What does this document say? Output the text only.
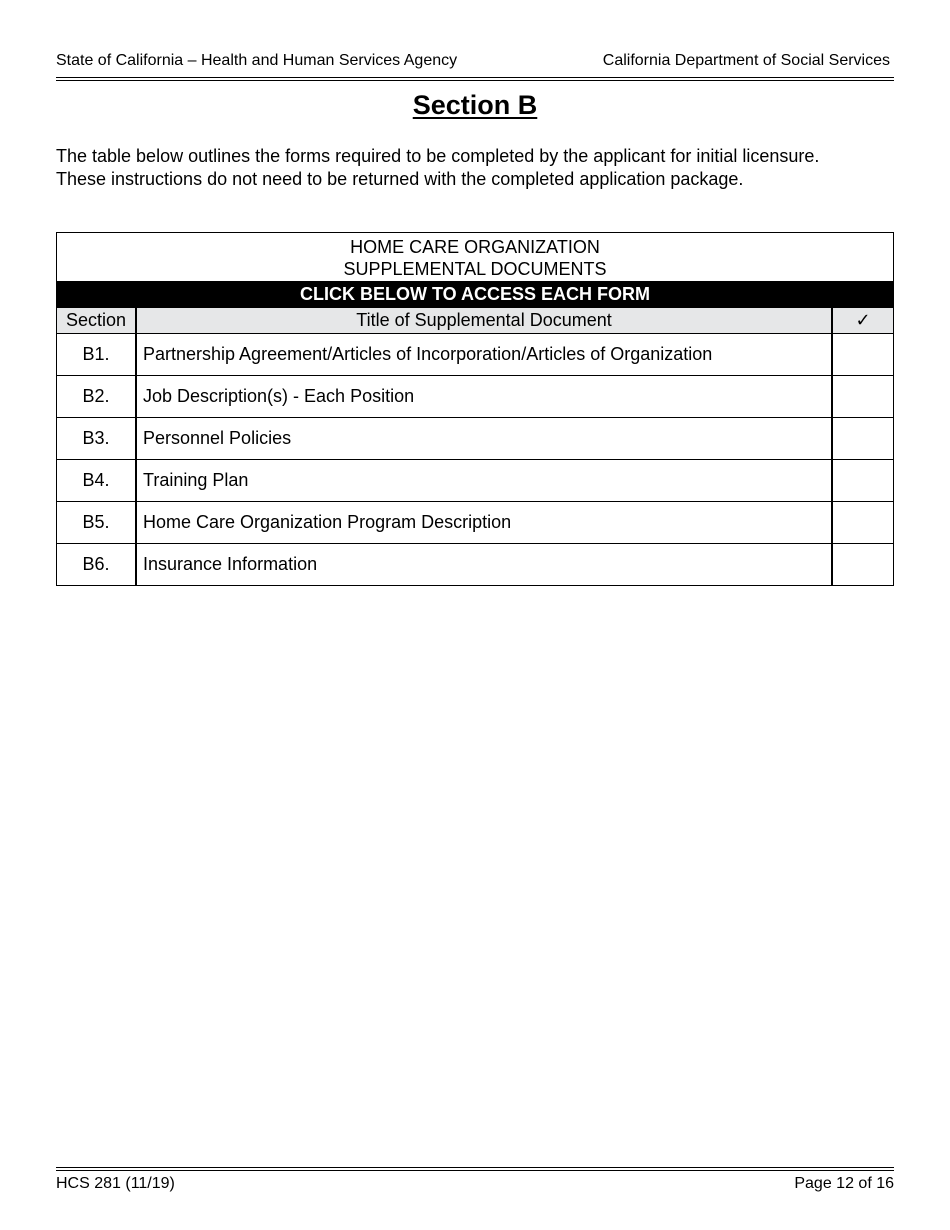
State of California – Health and Human Services Agency	California Department of Social Services
Section B
The table below outlines the forms required to be completed by the applicant for initial licensure.
These instructions do not need to be returned with the completed application package.
HOME CARE ORGANIZATION
SUPPLEMENTAL DOCUMENTS
CLICK BELOW TO ACCESS EACH FORM
Section	Title of Supplemental Document	✓
B1.	Partnership Agreement/Articles of Incorporation/Articles of Organization
B2.	Job Description(s) - Each Position
B3.	Personnel Policies
B4.	Training Plan
B5.	Home Care Organization Program Description
B6.	Insurance Information
HCS 281 (11/19)	Page 12 of 16
